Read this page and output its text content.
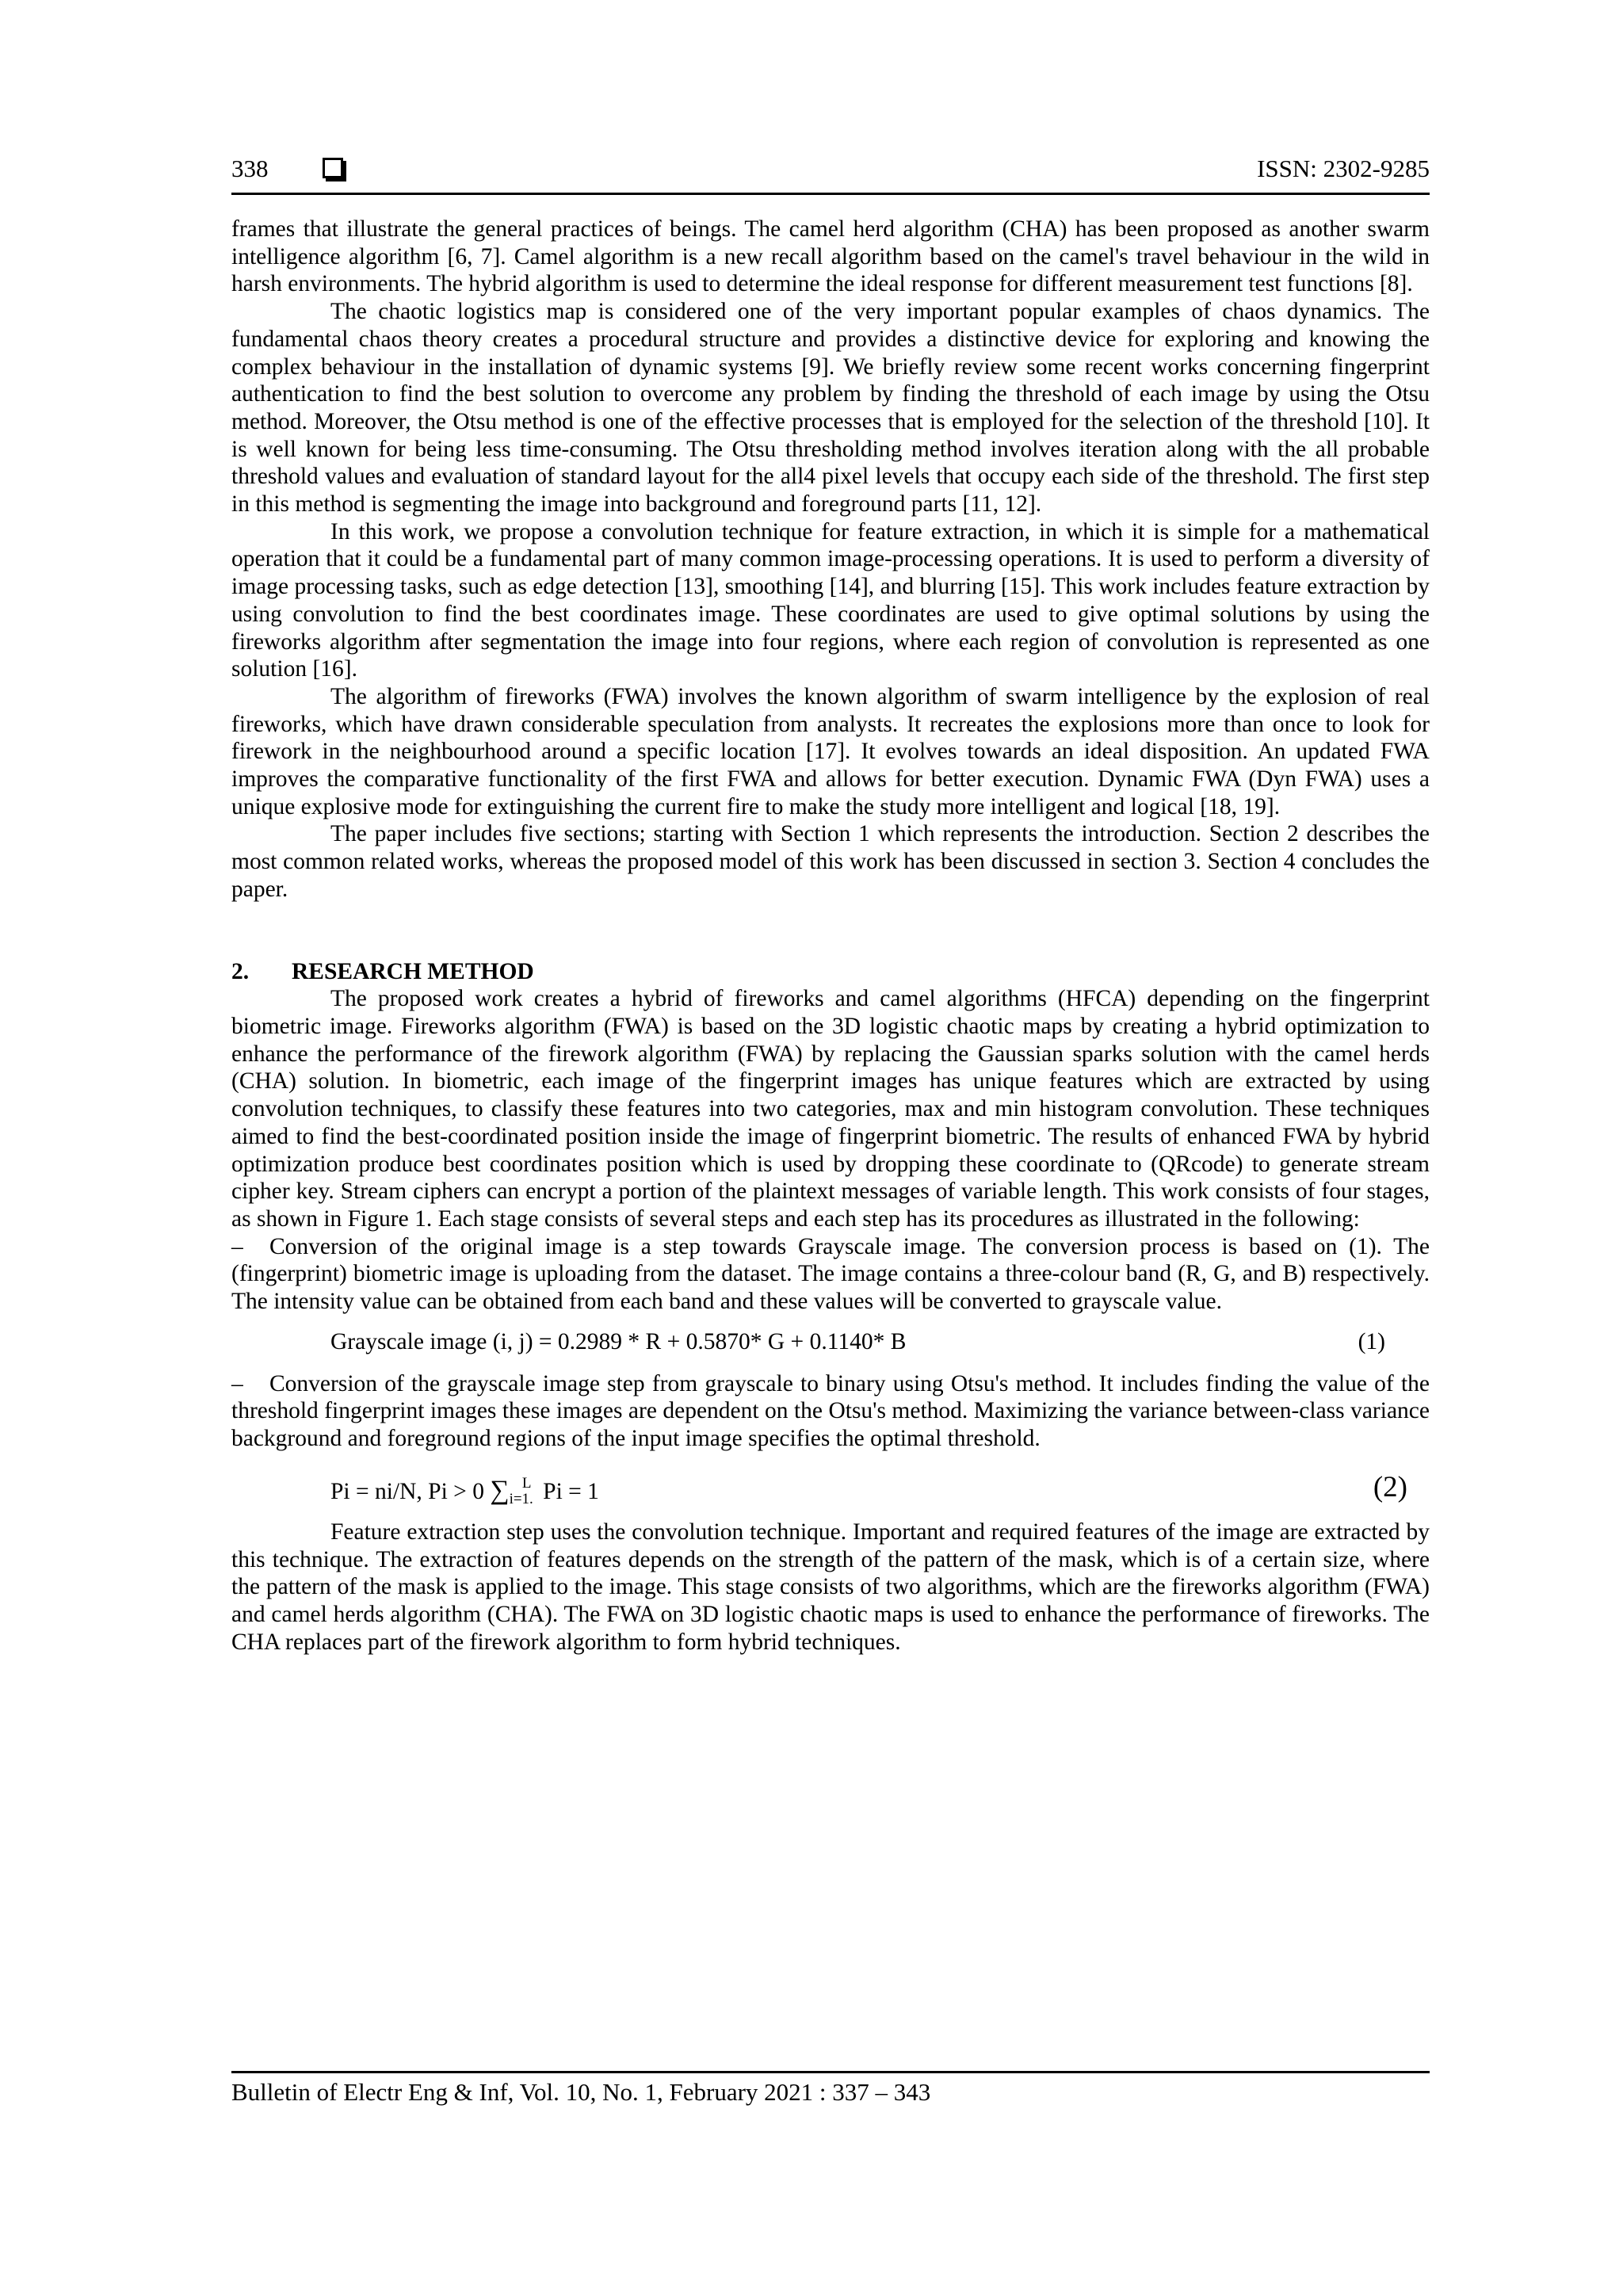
338	ISSN: 2302-9285

frames that illustrate the general practices of beings. The camel herd algorithm (CHA) has been proposed as another swarm intelligence algorithm [6, 7]. Camel algorithm is a new recall algorithm based on the camel's travel behaviour in the wild in harsh environments. The hybrid algorithm is used to determine the ideal response for different measurement test functions [8].

The chaotic logistics map is considered one of the very important popular examples of chaos dynamics. The fundamental chaos theory creates a procedural structure and provides a distinctive device for exploring and knowing the complex behaviour in the installation of dynamic systems [9]. We briefly review some recent works concerning fingerprint authentication to find the best solution to overcome any problem by finding the threshold of each image by using the Otsu method. Moreover, the Otsu method is one of the effective processes that is employed for the selection of the threshold [10]. It is well known for being less time-consuming. The Otsu thresholding method involves iteration along with the all probable threshold values and evaluation of standard layout for the all4 pixel levels that occupy each side of the threshold. The first step in this method is segmenting the image into background and foreground parts [11, 12].

In this work, we propose a convolution technique for feature extraction, in which it is simple for a mathematical operation that it could be a fundamental part of many common image-processing operations. It is used to perform a diversity of image processing tasks, such as edge detection [13], smoothing [14], and blurring [15]. This work includes feature extraction by using convolution to find the best coordinates image. These coordinates are used to give optimal solutions by using the fireworks algorithm after segmentation the image into four regions, where each region of convolution is represented as one solution [16].

The algorithm of fireworks (FWA) involves the known algorithm of swarm intelligence by the explosion of real fireworks, which have drawn considerable speculation from analysts. It recreates the explosions more than once to look for firework in the neighbourhood around a specific location [17]. It evolves towards an ideal disposition. An updated FWA improves the comparative functionality of the first FWA and allows for better execution. Dynamic FWA (Dyn FWA) uses a unique explosive mode for extinguishing the current fire to make the study more intelligent and logical [18, 19].

The paper includes five sections; starting with Section 1 which represents the introduction. Section 2 describes the most common related works, whereas the proposed model of this work has been discussed in section 3. Section 4 concludes the paper.

2. RESEARCH METHOD

The proposed work creates a hybrid of fireworks and camel algorithms (HFCA) depending on the fingerprint biometric image. Fireworks algorithm (FWA) is based on the 3D logistic chaotic maps by creating a hybrid optimization to enhance the performance of the firework algorithm (FWA) by replacing the Gaussian sparks solution with the camel herds (CHA) solution. In biometric, each image of the fingerprint images has unique features which are extracted by using convolution techniques, to classify these features into two categories, max and min histogram convolution. These techniques aimed to find the best-coordinated position inside the image of fingerprint biometric. The results of enhanced FWA by hybrid optimization produce best coordinates position which is used by dropping these coordinate to (QRcode) to generate stream cipher key. Stream ciphers can encrypt a portion of the plaintext messages of variable length. This work consists of four stages, as shown in Figure 1. Each stage consists of several steps and each step has its procedures as illustrated in the following:

– Conversion of the original image is a step towards Grayscale image. The conversion process is based on (1). The (fingerprint) biometric image is uploading from the dataset. The image contains a three-colour band (R, G, and B) respectively. The intensity value can be obtained from each band and these values will be converted to grayscale value.

Grayscale image (i, j) = 0.2989 * R + 0.5870* G + 0.1140* B	(1)

– Conversion of the grayscale image step from grayscale to binary using Otsu's method. It includes finding the value of the threshold fingerprint images these images are dependent on the Otsu's method. Maximizing the variance between-class variance background and foreground regions of the input image specifies the optimal threshold.

Pi = ni/N, Pi > 0 $\sum_{i=1.}^L$ Pi = 1	(2)

Feature extraction step uses the convolution technique. Important and required features of the image are extracted by this technique. The extraction of features depends on the strength of the pattern of the mask, which is of a certain size, where the pattern of the mask is applied to the image. This stage consists of two algorithms, which are the fireworks algorithm (FWA) and camel herds algorithm (CHA). The FWA on 3D logistic chaotic maps is used to enhance the performance of fireworks. The CHA replaces part of the firework algorithm to form hybrid techniques.

Bulletin of Electr Eng & Inf, Vol. 10, No. 1, February 2021 : 337 – 343
